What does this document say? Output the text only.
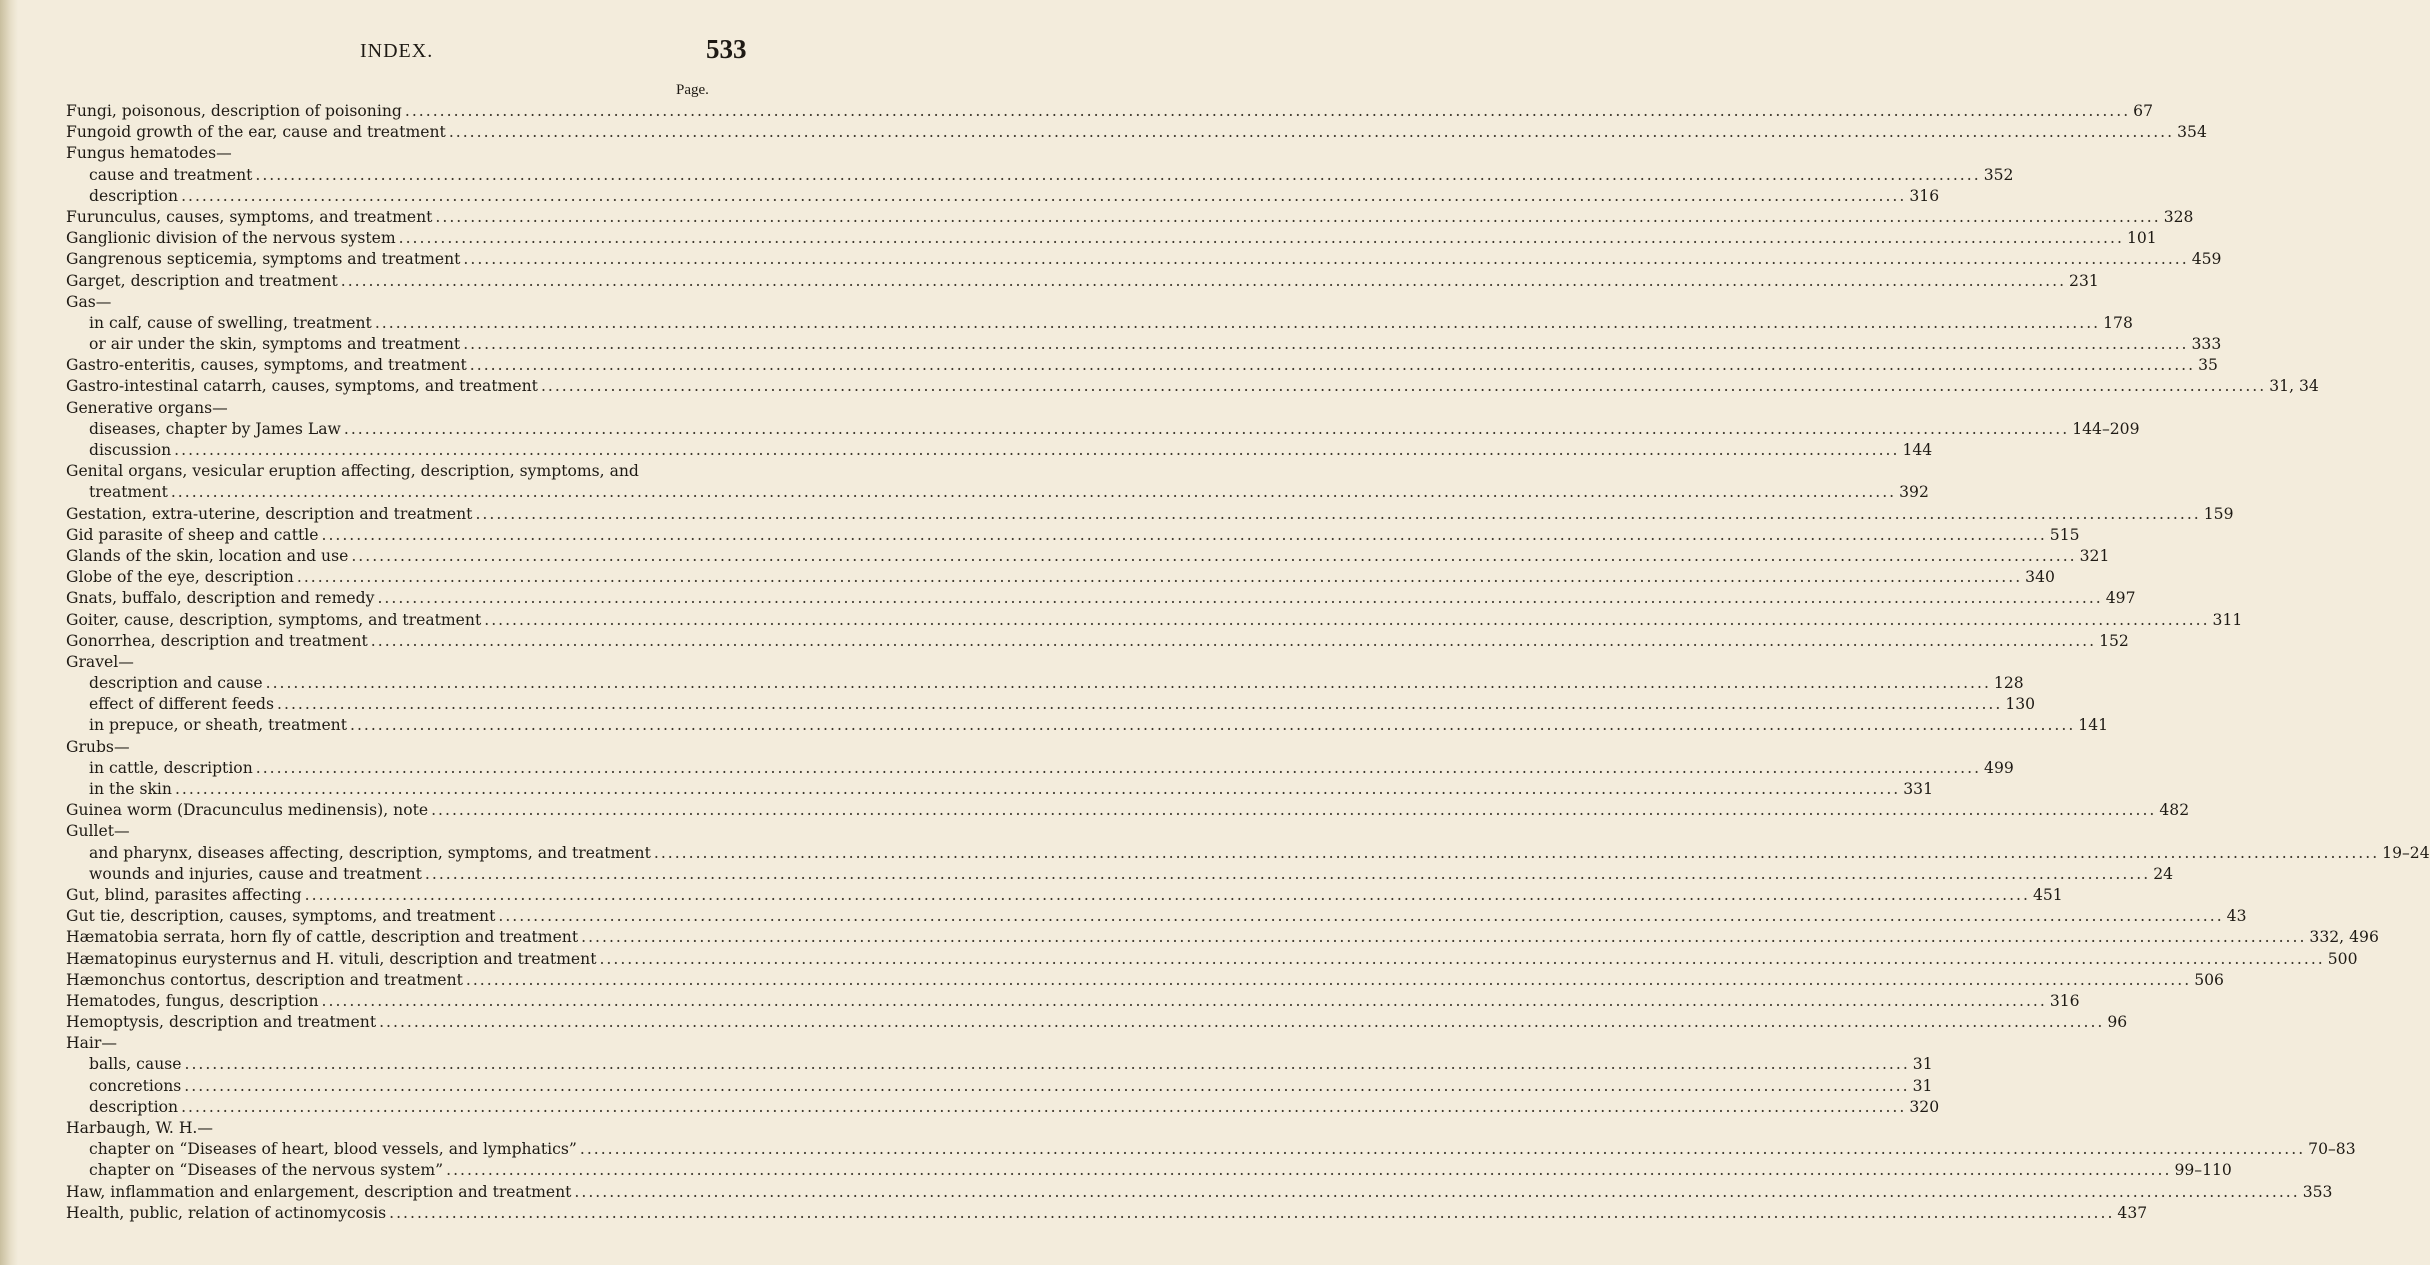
INDEX.	533
Page.
Fungi, poisonous, description of poisoning .....	67
Fungoid growth of the ear, cause and treatment .....	354
Fungus hematodes—
cause and treatment .....	352
description .....	316
Furunculus, causes, symptoms, and treatment .....	328
Ganglionic division of the nervous system .....	101
Gangrenous septicemia, symptoms and treatment .....	459
Garget, description and treatment .....	231
Gas—
in calf, cause of swelling, treatment .....	178
or air under the skin, symptoms and treatment .....	333
Gastro-enteritis, causes, symptoms, and treatment .....	35
Gastro-intestinal catarrh, causes, symptoms, and treatment .....	31, 34
Generative organs—
diseases, chapter by James Law .....	144–209
discussion .....	144
Genital organs, vesicular eruption affecting, description, symptoms, and
treatment .....	392
Gestation, extra-uterine, description and treatment .....	159
Gid parasite of sheep and cattle .....	515
Glands of the skin, location and use .....	321
Globe of the eye, description .....	340
Gnats, buffalo, description and remedy .....	497
Goiter, cause, description, symptoms, and treatment .....	311
Gonorrhea, description and treatment .....	152
Gravel—
description and cause .....	128
effect of different feeds .....	130
in prepuce, or sheath, treatment .....	141
Grubs—
in cattle, description .....	499
in the skin .....	331
Guinea worm (Dracunculus medinensis), note .....	482
Gullet—
and pharynx, diseases affecting, description, symptoms, and treatment .....	19–24
wounds and injuries, cause and treatment .....	24
Gut, blind, parasites affecting .....	451
Gut tie, description, causes, symptoms, and treatment .....	43
Hæmatobia serrata, horn fly of cattle, description and treatment .....	332, 496
Hæmatopinus eurysternus and H. vituli, description and treatment .....	500
Hæmonchus contortus, description and treatment .....	506
Hematodes, fungus, description .....	316
Hemoptysis, description and treatment .....	96
Hair—
balls, cause .....	31
concretions .....	31
description .....	320
Harbaugh, W. H.—
chapter on “Diseases of heart, blood vessels, and lymphatics” .....	70–83
chapter on “Diseases of the nervous system” .....	99–110
Haw, inflammation and enlargement, description and treatment .....	353
Health, public, relation of actinomycosis .....	437
